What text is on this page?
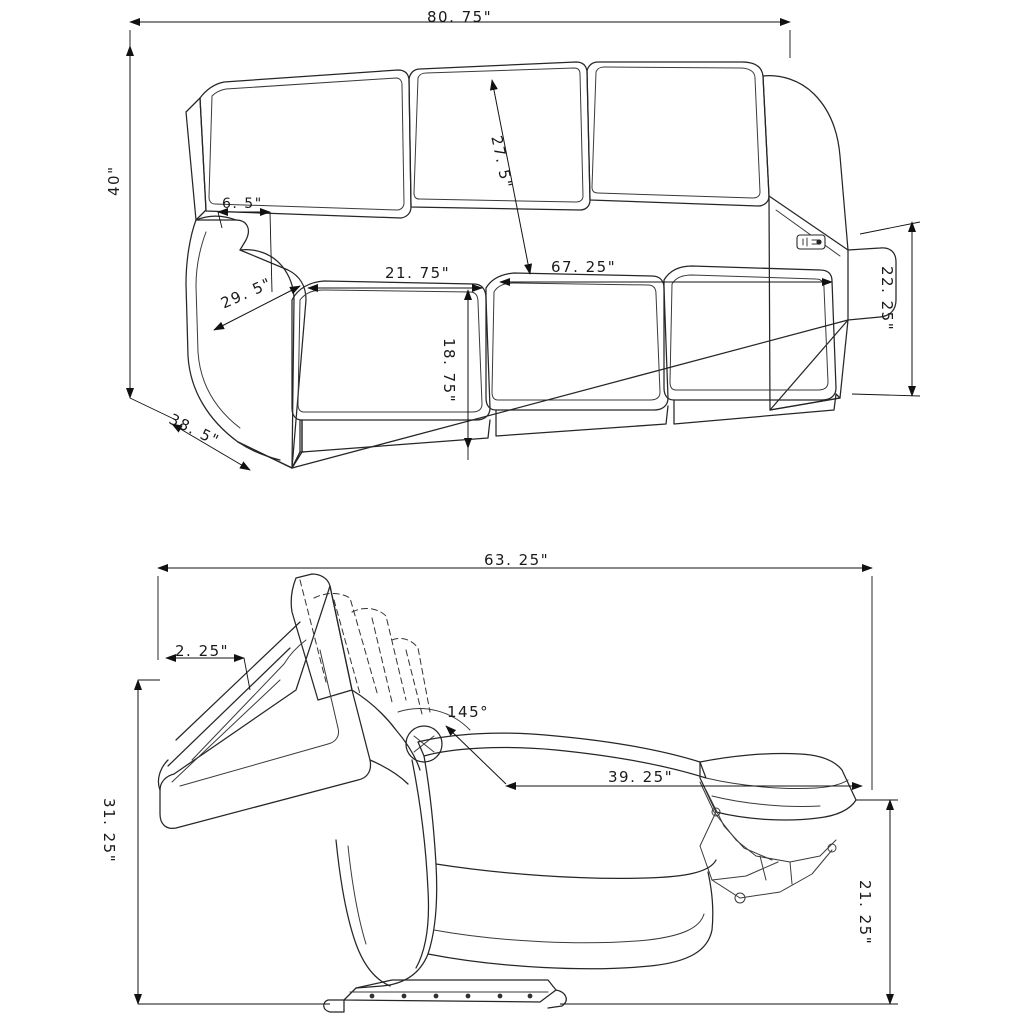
80. 75"
40"
6. 5"
27. 5"
29. 5"
21. 75"	67. 25"
18. 75"
22. 25"
38. 5"
63. 25"
2. 25"
145°
31. 25"
39. 25"
21. 25"
